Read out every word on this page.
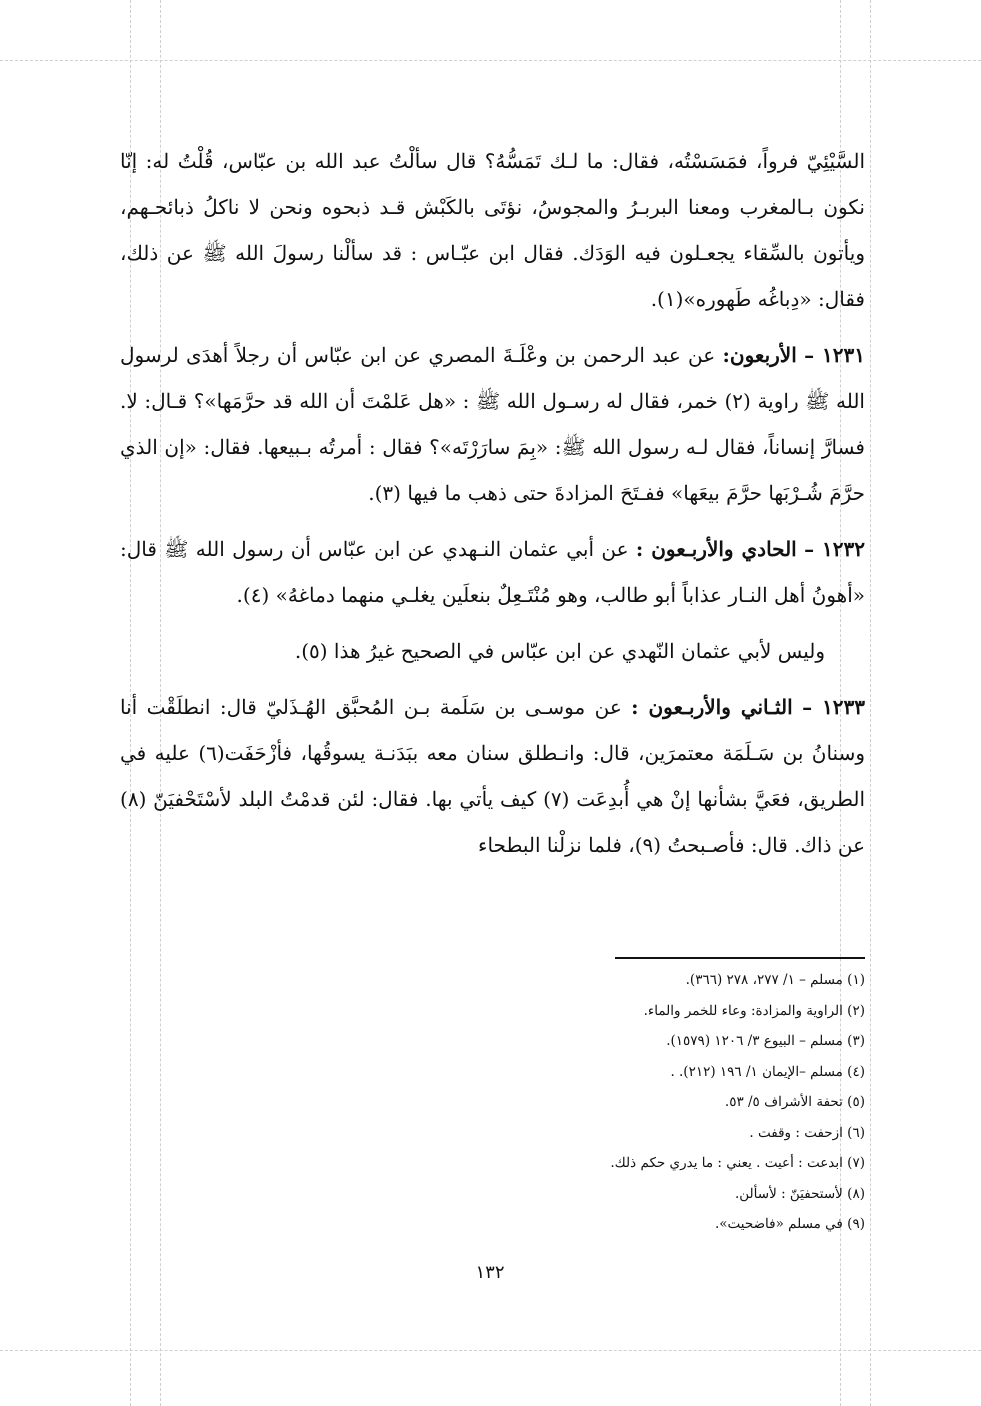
السَّيْئِيّ فرواً، فمَسَسْتُه، فقال: ما لـك تَمَسُّهُ؟ قال سألْتُ عبد الله بن عبّاس، قُلْتُ له: إنّا نكون بـالمغرب ومعنا البربـرُ والمجوسُ، نؤتَى بالكَبْش قـد ذبحوه ونحن لا ناكلُ ذبائحـهم، ويأتون بالسِّقاء يجعـلون فيه الوَدَك. فقال ابن عبّـاس : قد سألْنا رسولَ الله ﷺ عن ذلك، فقال: «دِباغُه طَهوره»(١).

١٢٣١ – الأربعون: عن عبد الرحمن بن وعْلَـةَ المصري عن ابن عبّاس أن رجلاً أهدَى لرسول الله ﷺ راوية (٢) خمر، فقال له رسـول الله ﷺ : «هل عَلمْتَ أن الله قد حرَّمَها»؟ قـال: لا. فسارَّ إنساناً، فقال لـه رسول الله ﷺ: «بِمَ سارَرْتَه»؟ فقال : أمرتُه بـبيعها. فقال: «إن الذي حرَّمَ شُـرْبَها حرَّمَ بيعَها» ففـتَحَ المزادةَ حتى ذهب ما فيها (٣).

١٢٣٢ – الحادي والأربـعون : عن أبي عثمان النـهدي عن ابن عبّاس أن رسول الله ﷺ قال: «أهونُ أهل النـار عذاباً أبو طالب، وهو مُنْتَـعِلٌ بنعلَين يغلـي منهما دماغهُ» (٤).

وليس لأبي عثمان النّهدي عن ابن عبّاس في الصحيح غيرُ هذا (٥).

١٢٣٣ – الثـاني والأربـعون : عن موسـى بن سَلَمة بـن المُحبَّق الهُـذَليّ قال: انطلَقْت أنا وسنانُ بن سَـلَمَة معتمرَين، قال: وانـطلق سنان معه ببَدَنـة يسوقُها، فأزْحَفَت(٦) عليه في الطريق، فعَيَّ بشأنها إنْ هي أُبدِعَت (٧) كيف يأتي بها. فقال: لئن قدمْتُ البلد لأسْتَحْفيَنّ (٨) عن ذاك. قال: فأصـبحتُ (٩)، فلما نزلْنا البطحاء

(١) مسلم – ١/ ٢٧٧، ٢٧٨ (٣٦٦).
(٢) الراوية والمزادة: وعاء للخمر والماء.
(٣) مسلم – البيوع ٣/ ١٢٠٦ (١٥٧٩).
(٤) مسلم –الإيمان ١/ ١٩٦ (٢١٢). .
(٥) تحفة الأشراف ٥/ ٥٣.
(٦) ازحفت : وقفت .
(٧) ابدعت : أعيت . يعني : ما يدري حكم ذلك.
(٨) لأستحفيَنّ : لأسألن.
(٩) في مسلم «فاضحيت».
١٣٢
